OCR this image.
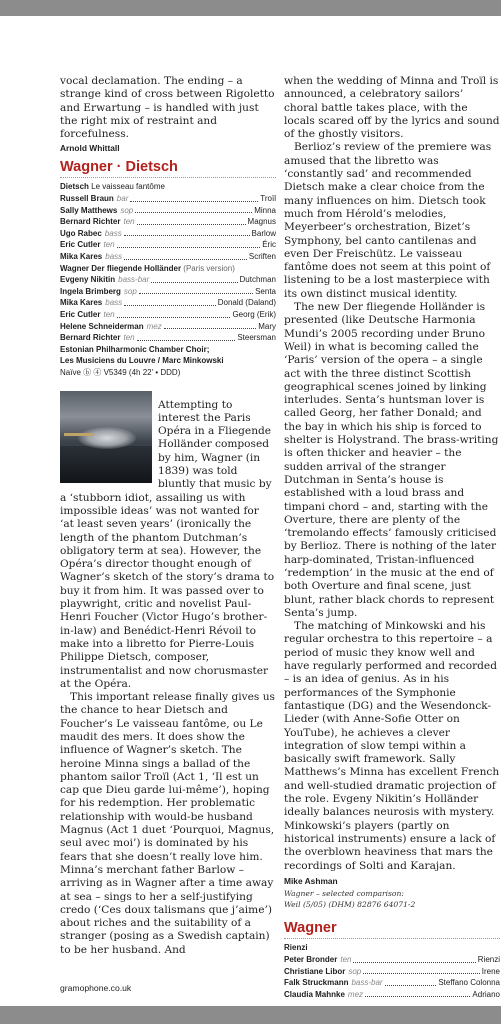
vocal declamation. The ending – a strange kind of cross between Rigoletto and Erwartung – is handled with just the right mix of restraint and forcefulness.

Arnold Whittall
Wagner · Dietsch
Dietsch Le vaisseau fantôme
Russell Braun bar	Troïl
Sally Matthews sop	Minna
Bernard Richter ten	Magnus
Ugo Rabec bass	Barlow
Eric Cutler ten	Éric
Mika Kares bass	Scriften
Wagner Der fliegende Holländer (Paris version)
Evgeny Nikitin bass-bar	Dutchman
Ingela Brimberg sop	Senta
Mika Kares bass	Donald (Daland)
Eric Cutler ten	Georg (Erik)
Helene Schneiderman mez	Mary
Bernard Richter ten	Steersman
Estonian Philharmonic Chamber Choir;
Les Musiciens du Louvre / Marc Minkowski
Naïve ⓑ ④ V5349 (4h 22' • DDD)

Attempting to interest the Paris Opéra in a Fliegende Holländer composed by him, Wagner (in 1839) was told bluntly that music by a ‘stubborn idiot, assailing us with impossible ideas’ was not wanted for ‘at least seven years’ (ironically the length of the phantom Dutchman’s obligatory term at sea). However, the Opéra’s director thought enough of Wagner’s sketch of the story’s drama to buy it from him. It was passed over to playwright, critic and novelist Paul-Henri Foucher (Victor Hugo’s brother-in-law) and Benédict-Henri Révoil to make into a libretto for Pierre-Louis Philippe Dietsch, composer, instrumentalist and now chorusmaster at the Opéra.

This important release finally gives us the chance to hear Dietsch and Foucher’s Le vaisseau fantôme, ou Le maudit des mers. It does show the influence of Wagner’s sketch. The heroine Minna sings a ballad of the phantom sailor Troïl (Act 1, ‘Il est un cap que Dieu garde lui-même’), hoping for his redemption. Her problematic relationship with would-be husband Magnus (Act 1 duet ‘Pourquoi, Magnus, seul avec moi’) is dominated by his fears that she doesn’t really love him. Minna’s merchant father Barlow – arriving as in Wagner after a time away at sea – sings to her a self-justifying credo (‘Ces doux talismans que j’aime’) about riches and the suitability of a stranger (posing as a Swedish captain) to be her husband. And

when the wedding of Minna and Troïl is announced, a celebratory sailors’ choral battle takes place, with the locals scared off by the lyrics and sound of the ghostly visitors.

Berlioz’s review of the premiere was amused that the libretto was ‘constantly sad’ and recommended Dietsch make a clear choice from the many influences on him. Dietsch took much from Hérold’s melodies, Meyerbeer’s orchestration, Bizet’s Symphony, bel canto cantilenas and even Der Freischütz. Le vaisseau fantôme does not seem at this point of listening to be a lost masterpiece with its own distinct musical identity.

The new Der fliegende Holländer is presented (like Deutsche Harmonia Mundi’s 2005 recording under Bruno Weil) in what is becoming called the ‘Paris’ version of the opera – a single act with the three distinct Scottish geographical scenes joined by linking interludes. Senta’s huntsman lover is called Georg, her father Donald; and the bay in which his ship is forced to shelter is Holystrand. The brass-writing is often thicker and heavier – the sudden arrival of the stranger Dutchman in Senta’s house is established with a loud brass and timpani chord – and, starting with the Overture, there are plenty of the ‘tremolando effects’ famously criticised by Berlioz. There is nothing of the later harp-dominated, Tristan-influenced ‘redemption’ in the music at the end of both Overture and final scene, just blunt, rather black chords to represent Senta’s jump.

The matching of Minkowski and his regular orchestra to this repertoire – a period of music they know well and have regularly performed and recorded – is an idea of genius. As in his performances of the Symphonie fantastique (DG) and the Wesendonck-Lieder (with Anne-Sofie Otter on YouTube), he achieves a clever integration of slow tempi within a basically swift framework. Sally Matthews’s Minna has excellent French and well-studied dramatic projection of the role. Evgeny Nikitin’s Holländer ideally balances neurosis with mystery. Minkowski’s players (partly on historical instruments) ensure a lack of the overblown heaviness that mars the recordings of Solti and Karajan.

Mike Ashman
Wagner – selected comparison:
Weil (5/05) (DHM) 82876 64071-2
Wagner
Rienzi
Peter Bronder ten	Rienzi
Christiane Libor sop	Irene
Falk Struckmann bass-bar	Steffano Colonna
Claudia Mahnke mez	Adriano
gramophone.co.uk
